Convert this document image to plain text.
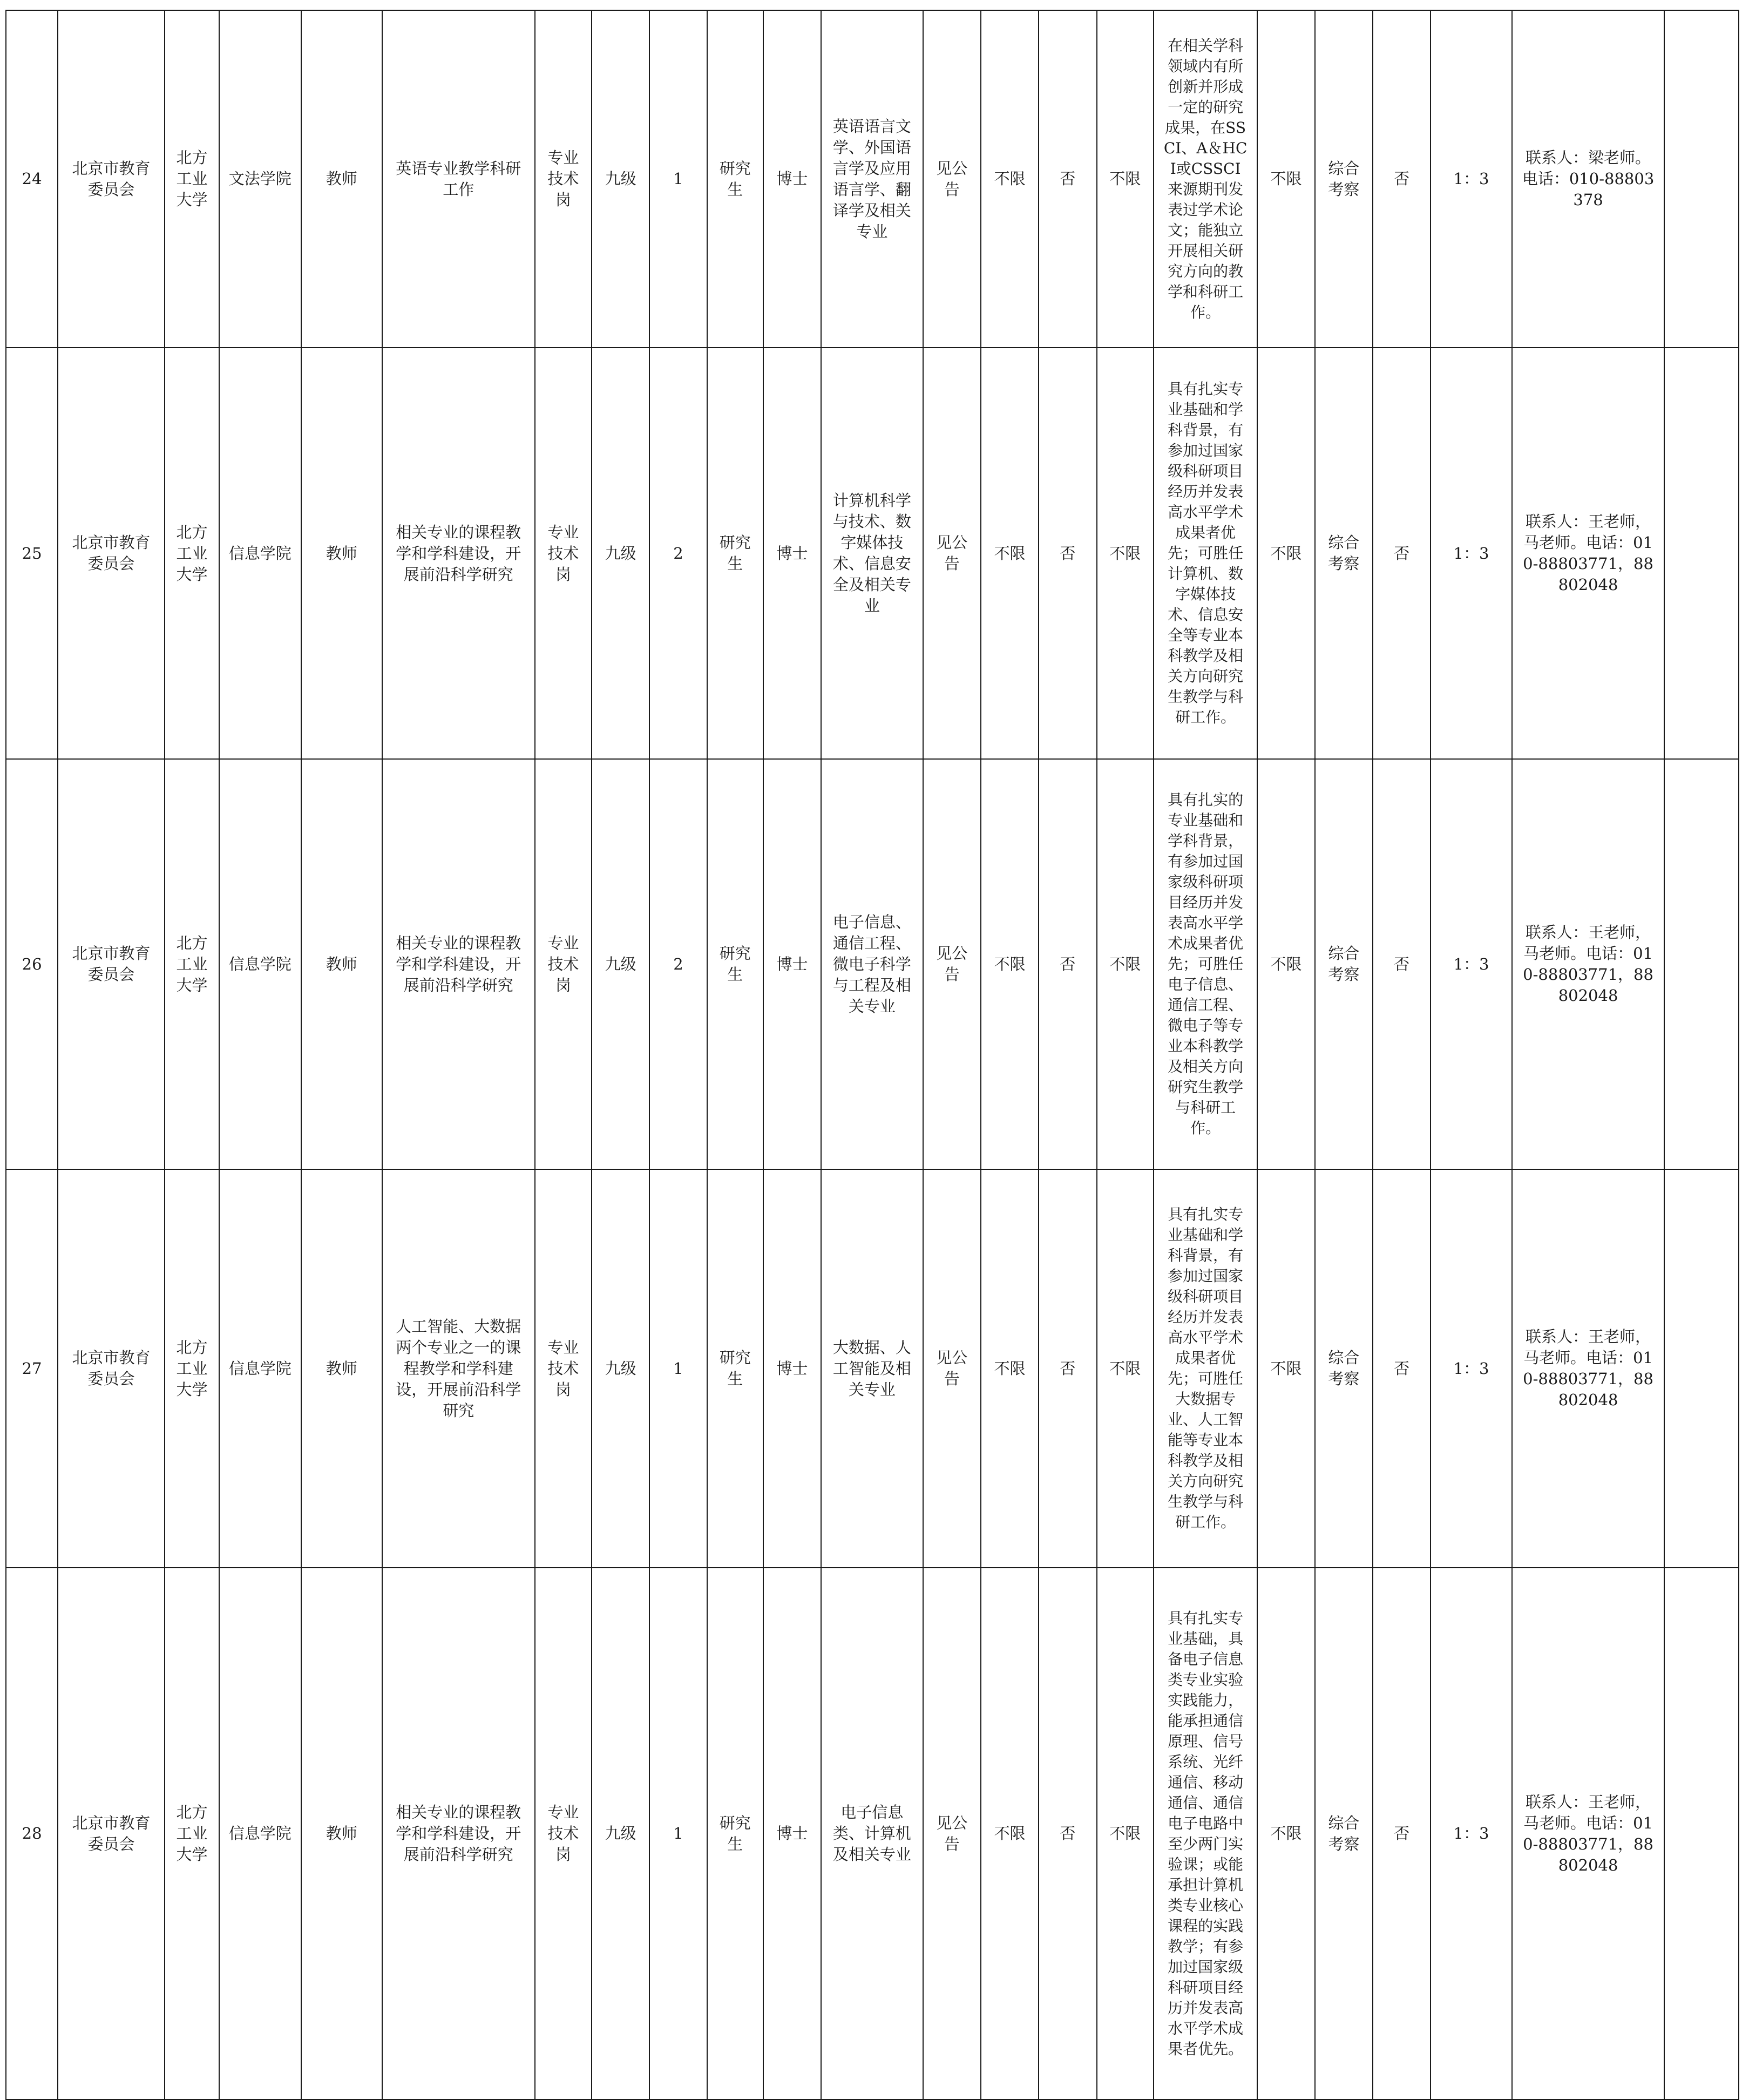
24	北京市教育委员会	北方工业大学	文法学院	教师	英语专业教学科研工作	专业技术岗	九级	1	研究生	博士	英语语言文学、外国语言学及应用语言学、翻译学及相关专业	见公告	不限	否	不限	在相关学科领域内有所创新并形成一定的研究成果，在SSCI、A＆HCI或CSSCI来源期刊发表过学术论文；能独立开展相关研究方向的教学和科研工作。	不限	综合考察	否	1：3	联系人：梁老师。电话：010-88803378	
25	北京市教育委员会	北方工业大学	信息学院	教师	相关专业的课程教学和学科建设，开展前沿科学研究	专业技术岗	九级	2	研究生	博士	计算机科学与技术、数字媒体技术、信息安全及相关专业	见公告	不限	否	不限	具有扎实专业基础和学科背景，有参加过国家级科研项目经历并发表高水平学术成果者优先；可胜任计算机、数字媒体技术、信息安全等专业本科教学及相关方向研究生教学与科研工作。	不限	综合考察	否	1：3	联系人：王老师，马老师。电话：010-88803771，88802048	
26	北京市教育委员会	北方工业大学	信息学院	教师	相关专业的课程教学和学科建设，开展前沿科学研究	专业技术岗	九级	2	研究生	博士	电子信息、通信工程、微电子科学与工程及相关专业	见公告	不限	否	不限	具有扎实的专业基础和学科背景，有参加过国家级科研项目经历并发表高水平学术成果者优先；可胜任电子信息、通信工程、微电子等专业本科教学及相关方向研究生教学与科研工作。	不限	综合考察	否	1：3	联系人：王老师，马老师。电话：010-88803771，88802048	
27	北京市教育委员会	北方工业大学	信息学院	教师	人工智能、大数据两个专业之一的课程教学和学科建设，开展前沿科学研究	专业技术岗	九级	1	研究生	博士	大数据、人工智能及相关专业	见公告	不限	否	不限	具有扎实专业基础和学科背景，有参加过国家级科研项目经历并发表高水平学术成果者优先；可胜任大数据专业、人工智能等专业本科教学及相关方向研究生教学与科研工作。	不限	综合考察	否	1：3	联系人：王老师，马老师。电话：010-88803771，88802048	
28	北京市教育委员会	北方工业大学	信息学院	教师	相关专业的课程教学和学科建设，开展前沿科学研究	专业技术岗	九级	1	研究生	博士	电子信息类、计算机及相关专业	见公告	不限	否	不限	具有扎实专业基础，具备电子信息类专业实验实践能力，能承担通信原理、信号系统、光纤通信、移动通信、通信电子电路中至少两门实验课；或能承担计算机类专业核心课程的实践教学；有参加过国家级科研项目经历并发表高水平学术成果者优先。	不限	综合考察	否	1：3	联系人：王老师，马老师。电话：010-88803771，88802048	
